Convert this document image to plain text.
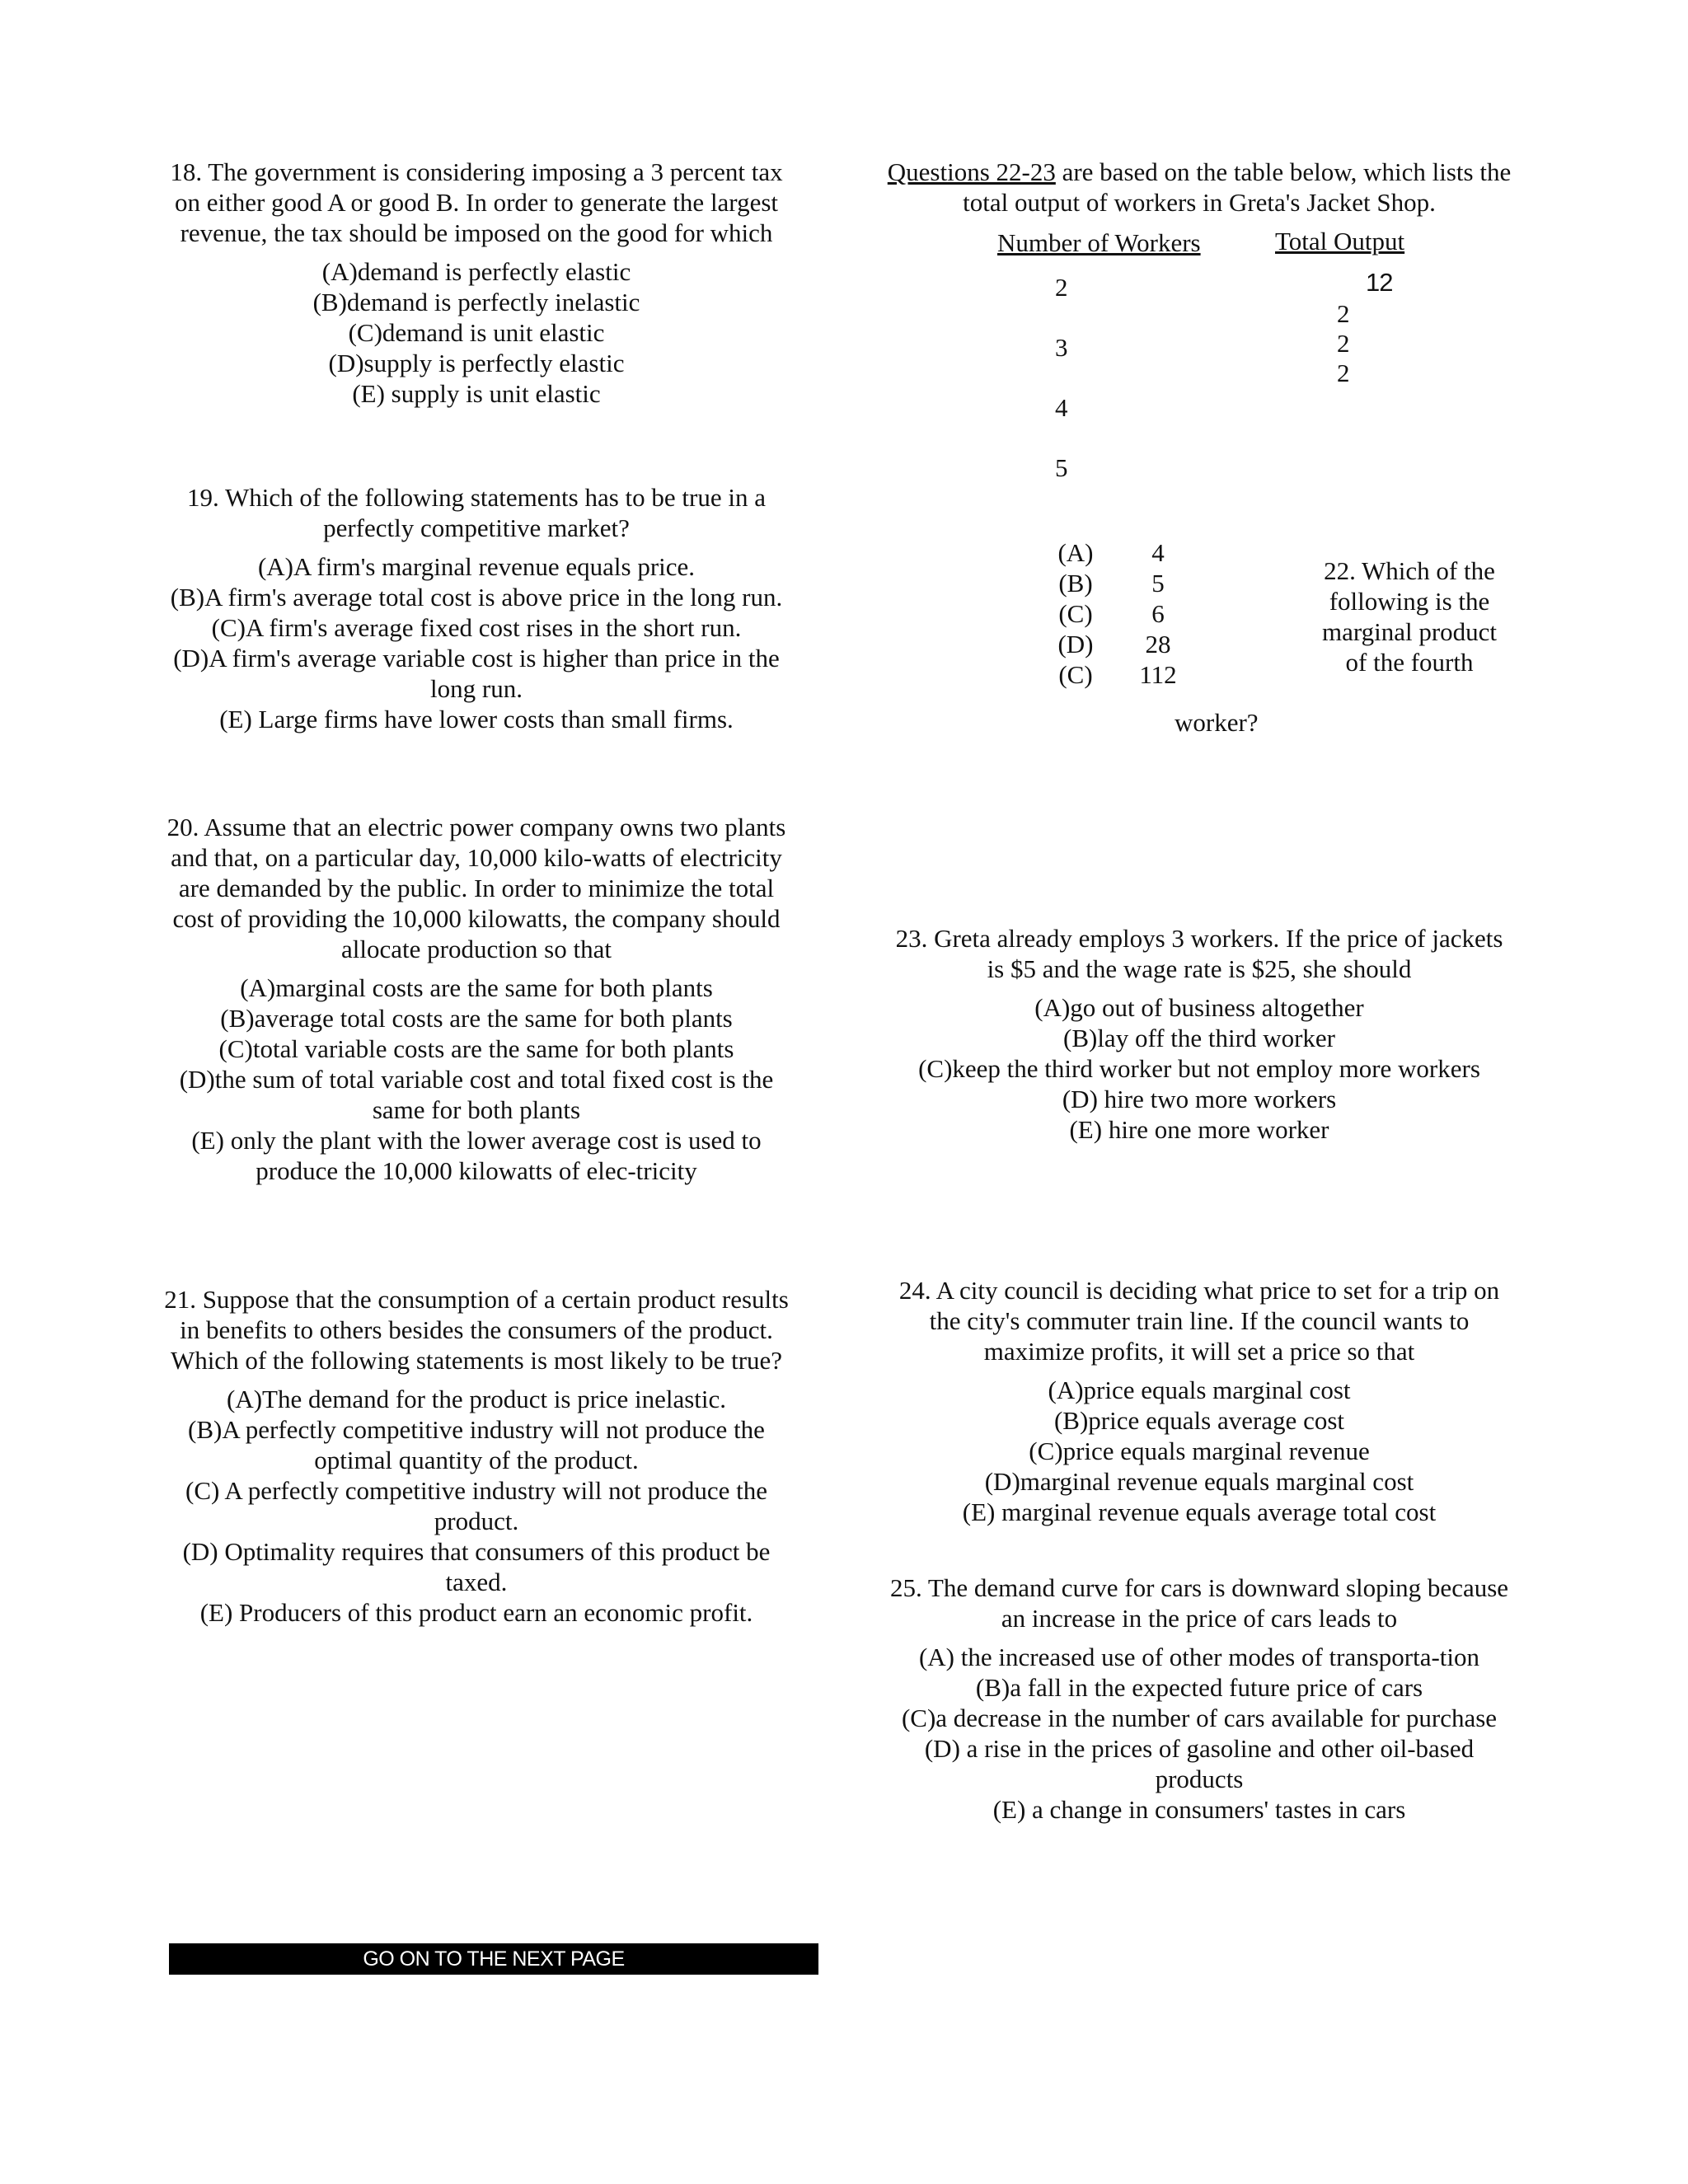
18. The government is considering imposing a 3 percent tax on either good A or good B. In order to generate the largest revenue, the tax should be imposed on the good for which

(A)demand is perfectly elastic
(B)demand is perfectly inelastic
(C)demand is unit elastic
(D)supply is perfectly elastic
(E) supply is unit elastic

19. Which of the following statements has to be true in a perfectly competitive market?

(A)A firm's marginal revenue equals price.
(B)A firm's average total cost is above price in the long run.
(C)A firm's average fixed cost rises in the short run.
(D)A firm's average variable cost is higher than price in the long run.
(E) Large firms have lower costs than small firms.

20. Assume that an electric power company owns two plants and that, on a particular day, 10,000 kilo-watts of electricity are demanded by the public. In order to minimize the total cost of providing the 10,000 kilowatts, the company should allocate production so that

(A)marginal costs are the same for both plants
(B)average total costs are the same for both plants
(C)total variable costs are the same for both plants
(D)the sum of total variable cost and total fixed cost is the same for both plants
(E) only the plant with the lower average cost is used to produce the 10,000 kilowatts of elec-tricity

21. Suppose that the consumption of a certain product results in benefits to others besides the consumers of the product. Which of the following statements is most likely to be true?

(A)The demand for the product is price inelastic.
(B)A perfectly competitive industry will not produce the optimal quantity of the product.
(C) A perfectly competitive industry will not produce the product.
(D) Optimality requires that consumers of this product be taxed.
(E) Producers of this product earn an economic profit.
Questions 22-23 are based on the table below, which lists the total output of workers in Greta's Jacket Shop.
Number of Workers	Total Output
2
3
4
5
12
2
2
2
(A)
(B)
(C)
(D)
(C)
4
5
6
28
112
22. Which of the following is the marginal product of the fourth
worker?

23. Greta already employs 3 workers. If the price of jackets is $5 and the wage rate is $25, she should

(A)go out of business altogether
(B)lay off the third worker
(C)keep the third worker but not employ more workers
(D) hire two more workers
(E) hire one more worker

24. A city council is deciding what price to set for a trip on the city's commuter train line. If the council wants to maximize profits, it will set a price so that

(A)price equals marginal cost
(B)price equals average cost
(C)price equals marginal revenue
(D)marginal revenue equals marginal cost
(E) marginal revenue equals average total cost

25. The demand curve for cars is downward sloping because an increase in the price of cars leads to

(A) the increased use of other modes of transporta-tion
(B)a fall in the expected future price of cars
(C)a decrease in the number of cars available for purchase
(D) a rise in the prices of gasoline and other oil-based products
(E) a change in consumers' tastes in cars
GO ON TO THE NEXT PAGE
